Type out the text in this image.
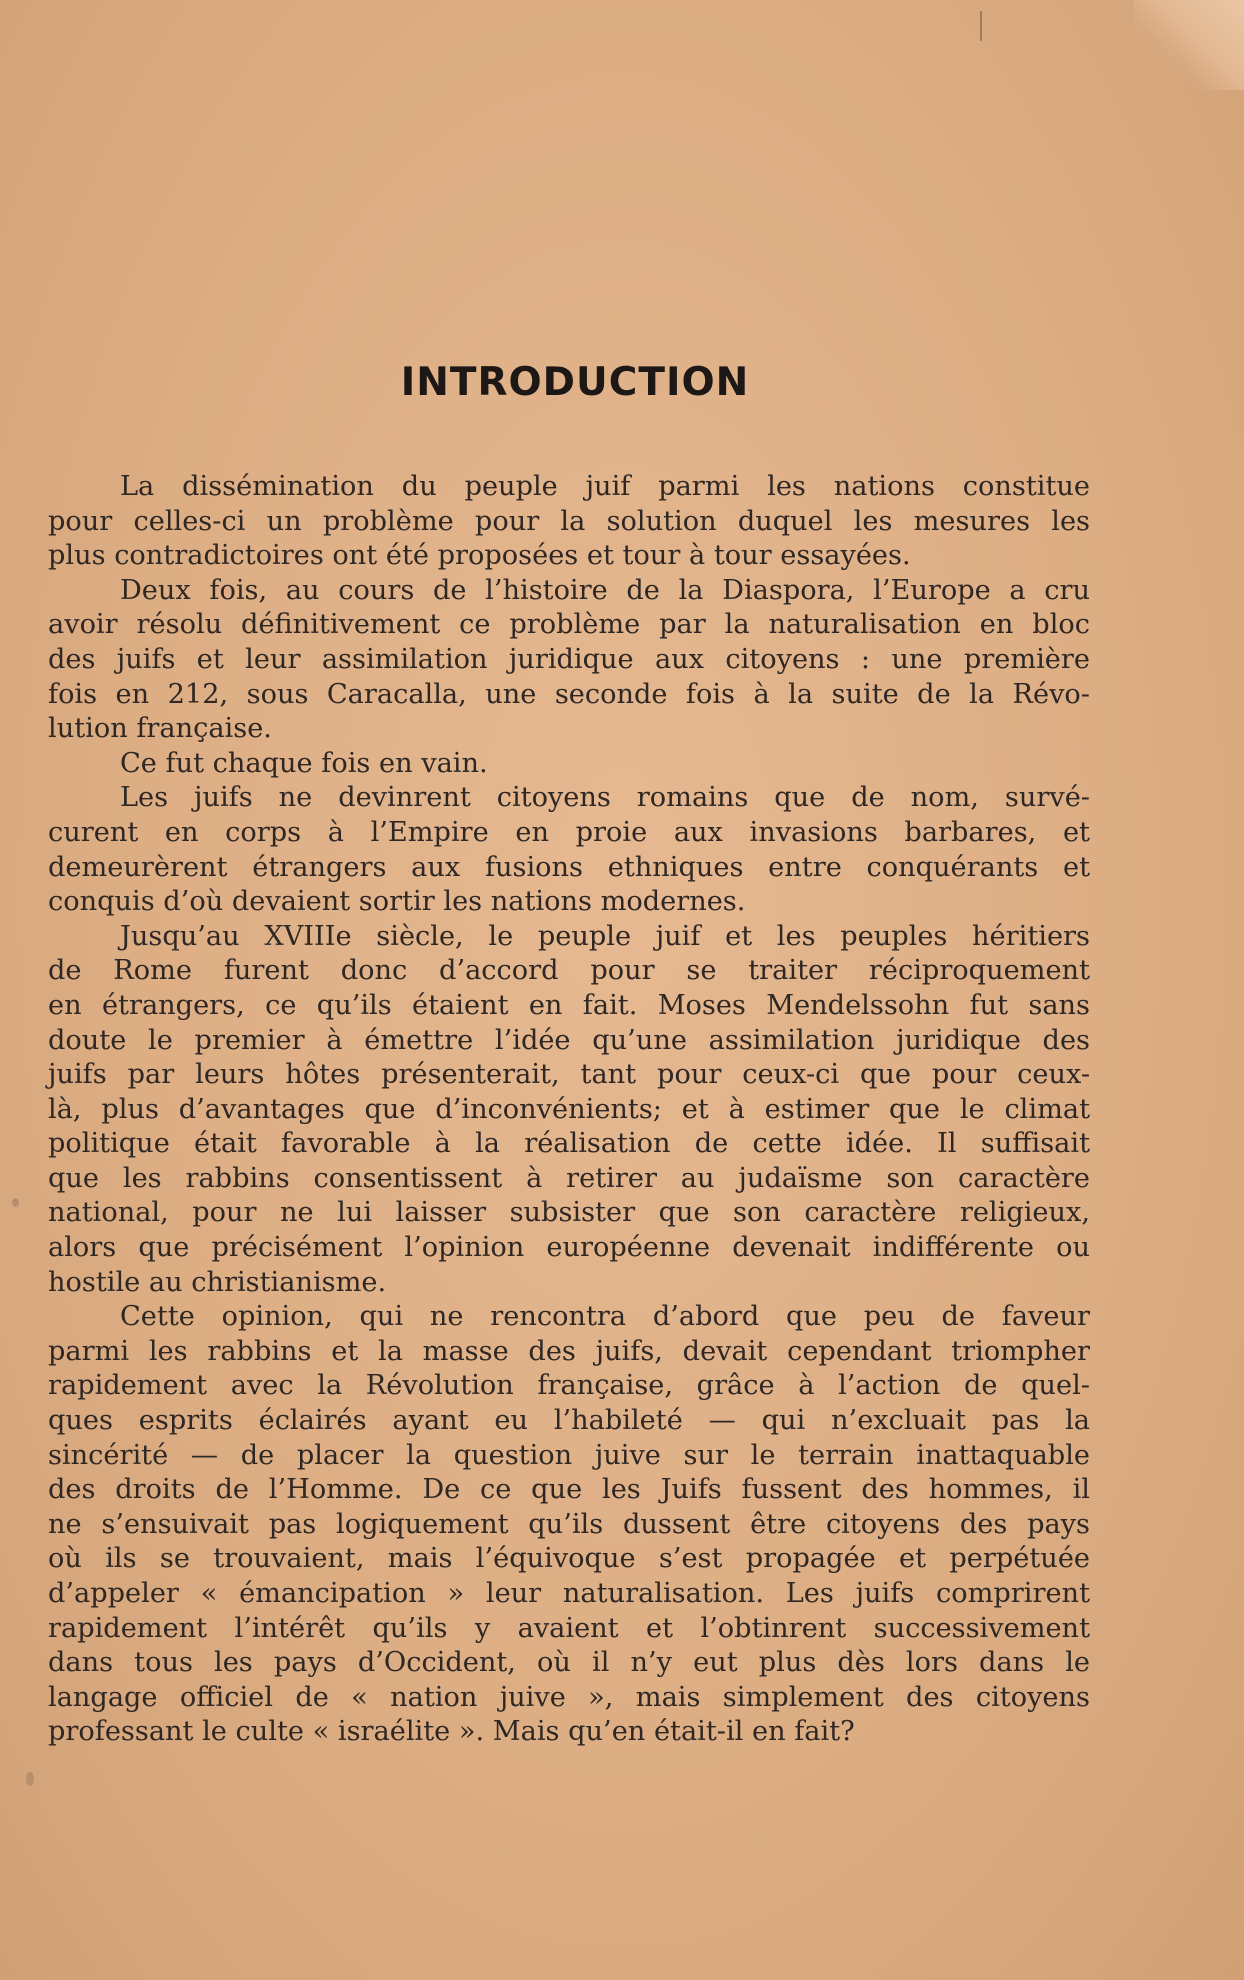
INTRODUCTION
La dissémination du peuple juif parmi les nations constitue
pour celles-ci un problème pour la solution duquel les mesures les
plus contradictoires ont été proposées et tour à tour essayées.
Deux fois, au cours de l’histoire de la Diaspora, l’Europe a cru
avoir résolu définitivement ce problème par la naturalisation en bloc
des juifs et leur assimilation juridique aux citoyens : une première
fois en 212, sous Caracalla, une seconde fois à la suite de la Révo-
lution française.
Ce fut chaque fois en vain.
Les juifs ne devinrent citoyens romains que de nom, survé-
curent en corps à l’Empire en proie aux invasions barbares, et
demeurèrent étrangers aux fusions ethniques entre conquérants et
conquis d’où devaient sortir les nations modernes.
Jusqu’au XVIIIe siècle, le peuple juif et les peuples héritiers
de Rome furent donc d’accord pour se traiter réciproquement
en étrangers, ce qu’ils étaient en fait. Moses Mendelssohn fut sans
doute le premier à émettre l’idée qu’une assimilation juridique des
juifs par leurs hôtes présenterait, tant pour ceux-ci que pour ceux-
là, plus d’avantages que d’inconvénients; et à estimer que le climat
politique était favorable à la réalisation de cette idée. Il suffisait
que les rabbins consentissent à retirer au judaïsme son caractère
national, pour ne lui laisser subsister que son caractère religieux,
alors que précisément l’opinion européenne devenait indifférente ou
hostile au christianisme.
Cette opinion, qui ne rencontra d’abord que peu de faveur
parmi les rabbins et la masse des juifs, devait cependant triompher
rapidement avec la Révolution française, grâce à l’action de quel-
ques esprits éclairés ayant eu l’habileté — qui n’excluait pas la
sincérité — de placer la question juive sur le terrain inattaquable
des droits de l’Homme. De ce que les Juifs fussent des hommes, il
ne s’ensuivait pas logiquement qu’ils dussent être citoyens des pays
où ils se trouvaient, mais l’équivoque s’est propagée et perpétuée
d’appeler « émancipation » leur naturalisation. Les juifs comprirent
rapidement l’intérêt qu’ils y avaient et l’obtinrent successivement
dans tous les pays d’Occident, où il n’y eut plus dès lors dans le
langage officiel de « nation juive », mais simplement des citoyens
professant le culte « israélite ». Mais qu’en était-il en fait?
